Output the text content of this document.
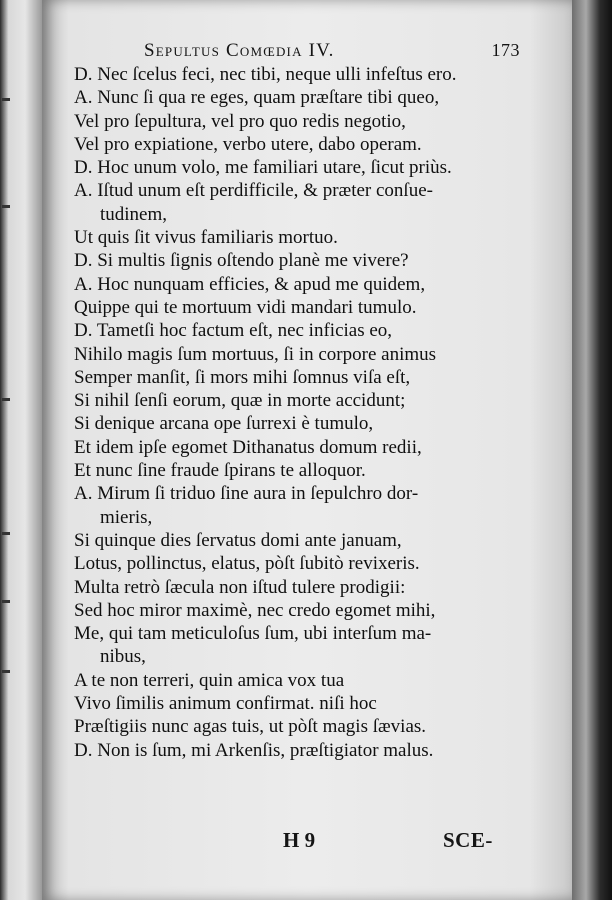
Sepultus Comœdia IV.	173
D. Nec ſcelus feci, nec tibi, neque ulli infeſtus ero.
A. Nunc ſi qua re eges, quam præſtare tibi queo,
Vel pro ſepultura, vel pro quo redis negotio,
Vel pro expiatione, verbo utere, dabo operam.
D. Hoc unum volo, me familiari utare, ſicut priùs.
A. Iſtud unum eſt perdifficile, & præter conſue-
tudinem,
Ut quis ſit vivus familiaris mortuo.
D. Si multis ſignis oſtendo planè me vivere?
A. Hoc nunquam efficies, & apud me quidem,
Quippe qui te mortuum vidi mandari tumulo.
D. Tametſi hoc factum eſt, nec inficias eo,
Nihilo magis ſum mortuus, ſi in corpore animus
Semper manſit, ſi mors mihi ſomnus viſa eſt,
Si nihil ſenſi eorum, quæ in morte accidunt;
Si denique arcana ope ſurrexi è tumulo,
Et idem ipſe egomet Dithanatus domum redii,
Et nunc ſine fraude ſpirans te alloquor.
A. Mirum ſi triduo ſine aura in ſepulchro dor-
mieris,
Si quinque dies ſervatus domi ante januam,
Lotus, pollinctus, elatus, pòſt ſubitò revixeris.
Multa retrò ſæcula non iſtud tulere prodigii:
Sed hoc miror maximè, nec credo egomet mihi,
Me, qui tam meticuloſus ſum, ubi interſum ma-
nibus,
A te non terreri, quin amica vox tua
Vivo ſimilis animum confirmat. niſi hoc
Præſtigiis nunc agas tuis, ut pòſt magis ſævias.
D. Non is ſum, mi Arkenſis, præſtigiator malus.
H 9	SCE-
